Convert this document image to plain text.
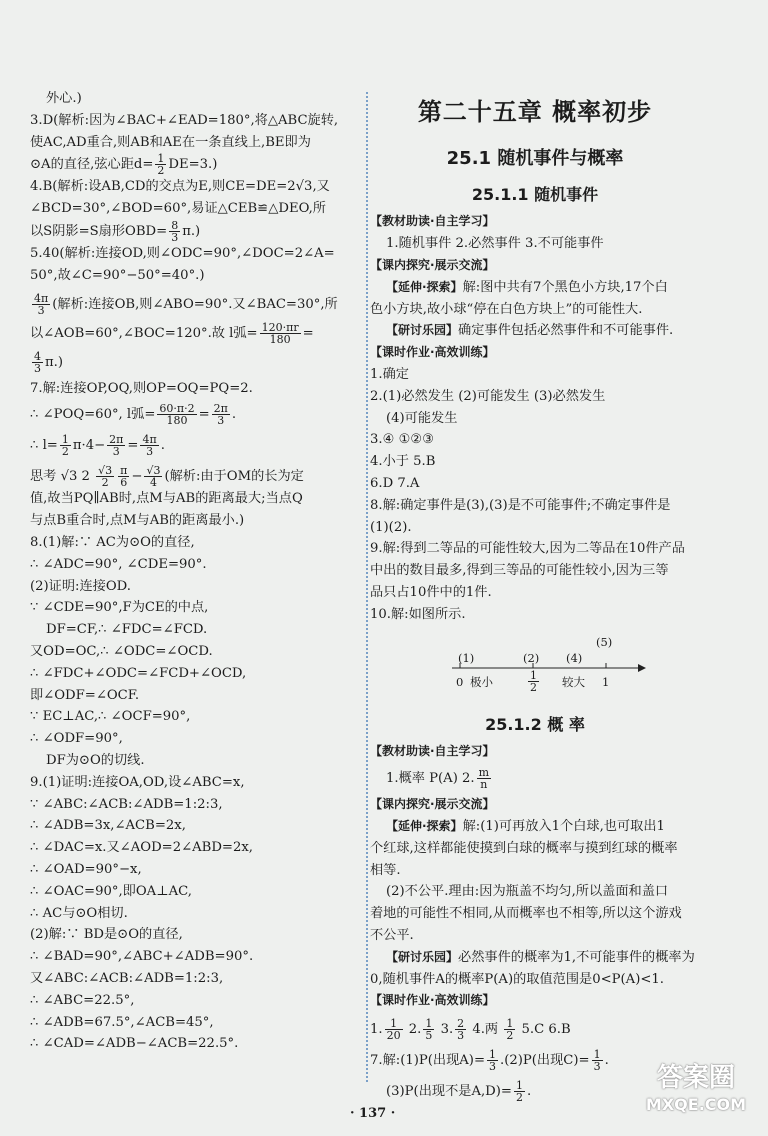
外心.)
3.D(解析:因为∠BAC+∠EAD=180°,将△ABC旋转,
使AC,AD重合,则AB和AE在一条直线上,BE即为
⊙A的直径,弦心距$d= \frac{1}{2} DE=3$.)
4.B(解析:设AB,CD的交点为E,则CE=DE=2√3,又
∠BCD=30°,∠BOD=60°,易证△CEB≌△DEO,所
以S阴影=S扇形$OBD= \frac{8}{3} \pi$.)
5.40(解析:连接OD,则∠ODC=90°,∠DOC=2∠A=
50°,故∠C=90°−50°=40°.)
$\frac{4\pi}{3}$ (解析:连接OB,则∠ABO=90°.又∠BAC=30°,所
以∠AOB=60°,∠BOC=120°.故 l弧= $\frac{120\cdot\pi r}{180}$ =
$\frac{4}{3} \pi$.)
7.解:连接OP,OQ,则OP=OQ=PQ=2.
∴ ∠POQ=60°, l弧= $\frac{60\cdot\pi\cdot 2}{180} = \frac{2\pi}{3}$ .
∴ $l= \frac{1}{2} \pi\cdot 4- \frac{2\pi}{3} = \frac{4\pi}{3}$ .
思考 √3 $2 \frac{√3}{2} \frac{\pi}{6} - \frac{√3}{4}$ (解析:由于OM的长为定
值,故当PQ∥AB时,点M与AB的距离最大;当点Q
与点B重合时,点M与AB的距离最小.)
8.(1)解:∵ AC为⊙O的直径,
∴ ∠ADC=90°, ∠CDE=90°.
(2)证明:连接OD.
∵ ∠CDE=90°,F为CE的中点,
DF=CF,∴ ∠FDC=∠FCD.
又OD=OC,∴ ∠ODC=∠OCD.
∴ ∠FDC+∠ODC=∠FCD+∠OCD,
即∠ODF=∠OCF.
∵ EC⊥AC,∴ ∠OCF=90°,
∴ ∠ODF=90°,
DF为⊙O的切线.
9.(1)证明:连接OA,OD,设∠ABC=x,
∵ ∠ABC:∠ACB:∠ADB=1:2:3,
∴ ∠ADB=3x,∠ACB=2x,
∴ ∠DAC=x.又∠AOD=2∠ABD=2x,
∴ ∠OAD=90°−x,
∴ ∠OAC=90°,即OA⊥AC,
∴ AC与⊙O相切.
(2)解:∵ BD是⊙O的直径,
∴ ∠BAD=90°,∠ABC+∠ADB=90°.
又∠ABC:∠ACB:∠ADB=1:2:3,
∴ ∠ABC=22.5°,
∴ ∠ADB=67.5°,∠ACB=45°,
∴ ∠CAD=∠ADB−∠ACB=22.5°.
第二十五章 概率初步
25.1 随机事件与概率
25.1.1 随机事件
【教材助读·自主学习】
1.随机事件 2.必然事件 3.不可能事件
【课内探究·展示交流】
【延伸·探索】解:图中共有7个黑色小方块,17个白
色小方块,故小球“停在白色方块上”的可能性大.
【研讨乐园】确定事件包括必然事件和不可能事件.
【课时作业·高效训练】
1.确定
2.(1)必然发生 (2)可能发生 (3)必然发生
(4)可能发生
3.④ ①②③
4.小于 5.B
6.D 7.A
8.解:确定事件是(3),(3)是不可能事件;不确定事件是
(1)(2).
9.解:得到二等品的可能性较大,因为二等品在10件产品
中出的数目最多,得到三等品的可能性较小,因为三等
品只占10件中的1件.
10.解:如图所示.
(1)	(2) (4)
(5)
0 极小	$\frac{1}{2}$ 较大 1
25.1.2 概 率
【教材助读·自主学习】
1.概率 P(A) 2. $\frac{m}{n}$
【课内探究·展示交流】
【延伸·探索】解:(1)可再放入1个白球,也可取出1
个红球,这样都能使摸到白球的概率与摸到红球的概率
相等.
(2)不公平.理由:因为瓶盖不均匀,所以盖面和盖口
着地的可能性不相同,从而概率也不相等,所以这个游戏
不公平.
【研讨乐园】必然事件的概率为1,不可能事件的概率为
0,随机事件A的概率P(A)的取值范围是0<P(A)<1.
【课时作业·高效训练】
1. $\frac{1}{20} 2$. $\frac{1}{5} 3$. $\frac{2}{3} 4$.两 $\frac{1}{2} 5.C$ 6.B
7.解:(1)P(出现$A)= \frac{1}{3} .(2)P$(出现$C)= \frac{1}{3}$ .
(3)P(出现不是$A,D)= \frac{1}{2}$ .
· 137 ·
答案圈
MXQE.COM
